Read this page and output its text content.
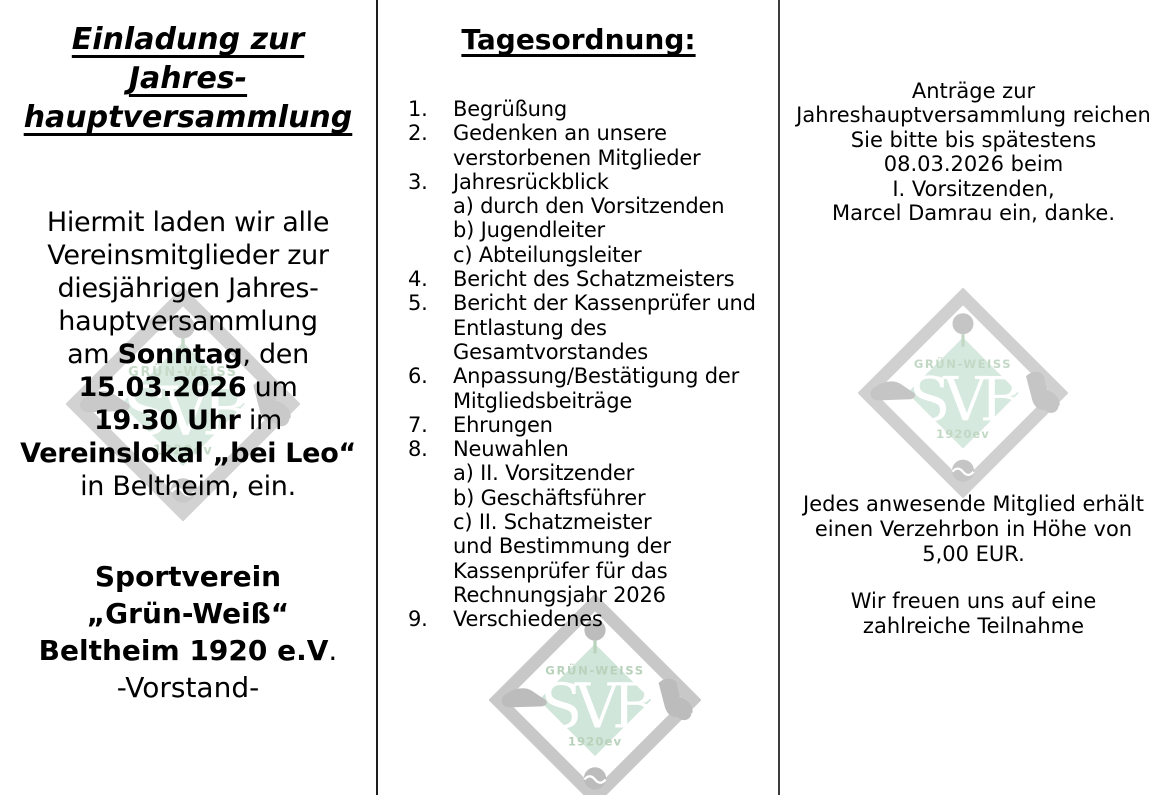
Einladung zur
Jahres-
hauptversammlung
Hiermit laden wir alle
Vereinsmitglieder zur
diesjährigen Jahres-
hauptversammlung
am Sonntag, den
15.03.2026 um
19.30 Uhr im
Vereinslokal „bei Leo“
in Beltheim, ein.
Sportverein
„Grün-Weiß“
Beltheim 1920 e.V.
-Vorstand-
Tagesordnung:
1.	Begrüßung
2.	Gedenken an unsere
verstorbenen Mitglieder
3.	Jahresrückblick
a) durch den Vorsitzenden
b) Jugendleiter
c) Abteilungsleiter
4.	Bericht des Schatzmeisters
5.	Bericht der Kassenprüfer und
Entlastung des
Gesamtvorstandes
6.	Anpassung/Bestätigung der
Mitgliedsbeiträge
7.	Ehrungen
8.	Neuwahlen
a) II. Vorsitzender
b) Geschäftsführer
c) II. Schatzmeister
und Bestimmung der
Kassenprüfer für das
Rechnungsjahr 2026
9.	Verschiedenes
Anträge zur
Jahreshauptversammlung reichen
Sie bitte bis spätestens
08.03.2026 beim
I. Vorsitzenden,
Marcel Damrau ein, danke.
Jedes anwesende Mitglied erhält
einen Verzehrbon in Höhe von
5,00 EUR.
Wir freuen uns auf eine
zahlreiche Teilnahme
